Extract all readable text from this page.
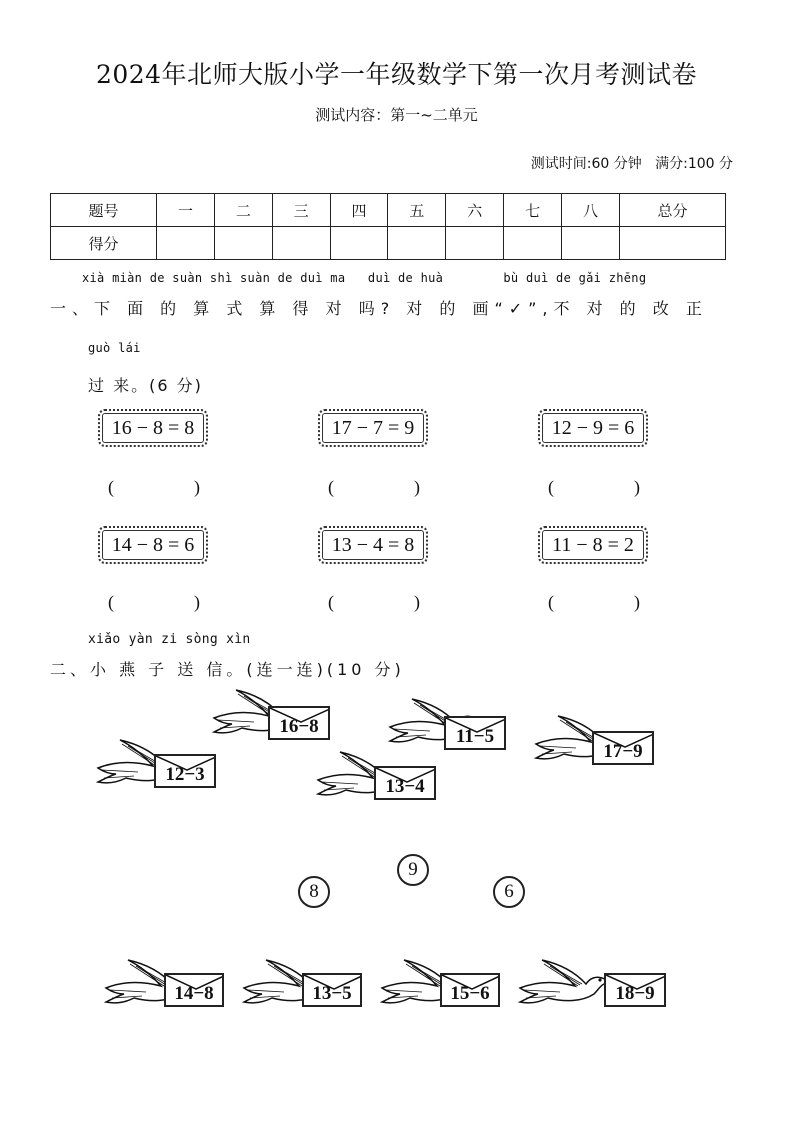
2024年北师大版小学一年级数学下第一次月考测试卷
测试内容：第一~二单元
测试时间:60 分钟   满分:100 分
题号	一	二	三	四	五	六	七	八	总分
得分									
xià miàn de suàn shì suàn de duì ma   duì de huà        bù duì de gǎi zhēng
一、下 面 的 算 式 算 得 对 吗? 对 的 画“✓”,不 对 的 改 正
guò lái
过 来。(6 分)
16 − 8 = 8	17 − 7 = 9	12 − 9 = 6
(	)	(	)	(	)
14 − 8 = 6	13 − 4 = 8	11 − 8 = 2
(	)	(	)	(	)
xiǎo yàn zi sòng xìn
二、小 燕 子 送 信。(连一连)(10 分)
16−8	11−5
17−9
12−3
13−4
9
8	6
14−8	13−5	15−6	18−9
